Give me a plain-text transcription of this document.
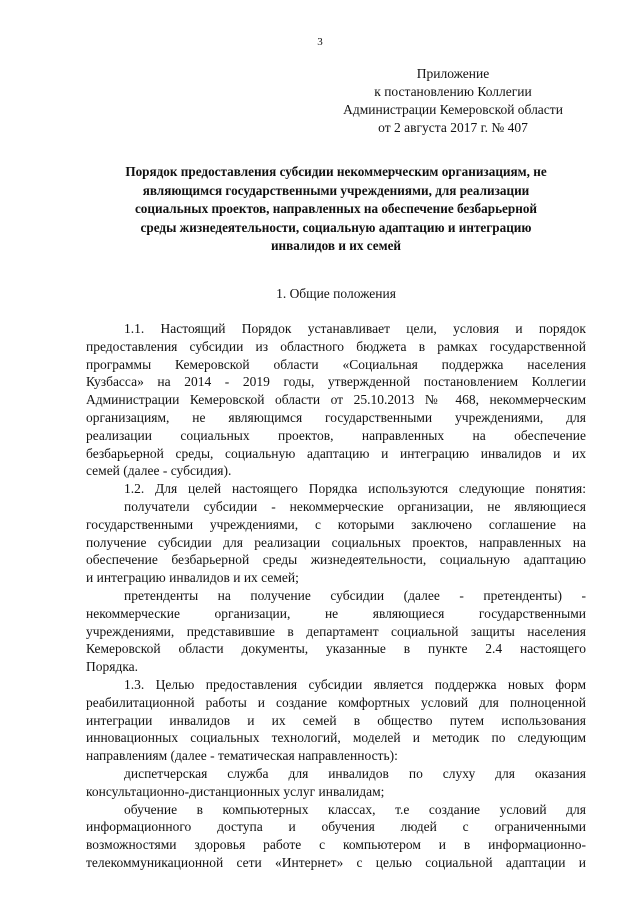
3
Приложение
к постановлению Коллегии
Администрации Кемеровской области
от 2 августа 2017 г. № 407
Порядок предоставления субсидии некоммерческим организациям, не
являющимся государственными учреждениями, для реализации
социальных проектов, направленных на обеспечение безбарьерной
среды жизнедеятельности, социальную адаптацию и интеграцию
инвалидов и их семей
1. Общие положения
1.1. Настоящий Порядок устанавливает цели, условия и порядок
предоставления субсидии из областного бюджета в рамках государственной
программы Кемеровской области «Социальная поддержка населения
Кузбасса» на 2014 - 2019 годы, утвержденной постановлением Коллегии
Администрации Кемеровской области от 25.10.2013 № 468, некоммерческим
организациям, не являющимся государственными учреждениями, для
реализации социальных проектов, направленных на обеспечение
безбарьерной среды, социальную адаптацию и интеграцию инвалидов и их
семей (далее - субсидия).
1.2. Для целей настоящего Порядка используются следующие понятия:
получатели субсидии - некоммерческие организации, не являющиеся
государственными учреждениями, с которыми заключено соглашение на
получение субсидии для реализации социальных проектов, направленных на
обеспечение безбарьерной среды жизнедеятельности, социальную адаптацию
и интеграцию инвалидов и их семей;
претенденты на получение субсидии (далее - претенденты) -
некоммерческие организации, не являющиеся государственными
учреждениями, представившие в департамент социальной защиты населения
Кемеровской области документы, указанные в пункте 2.4 настоящего
Порядка.
1.3. Целью предоставления субсидии является поддержка новых форм
реабилитационной работы и создание комфортных условий для полноценной
интеграции инвалидов и их семей в общество путем использования
инновационных социальных технологий, моделей и методик по следующим
направлениям (далее - тематическая направленность):
диспетчерская служба для инвалидов по слуху для оказания
консультационно-дистанционных услуг инвалидам;
обучение в компьютерных классах, т.е создание условий для
информационного доступа и обучения людей с ограниченными
возможностями здоровья работе с компьютером и в информационно-
телекоммуникационной сети «Интернет» с целью социальной адаптации и
